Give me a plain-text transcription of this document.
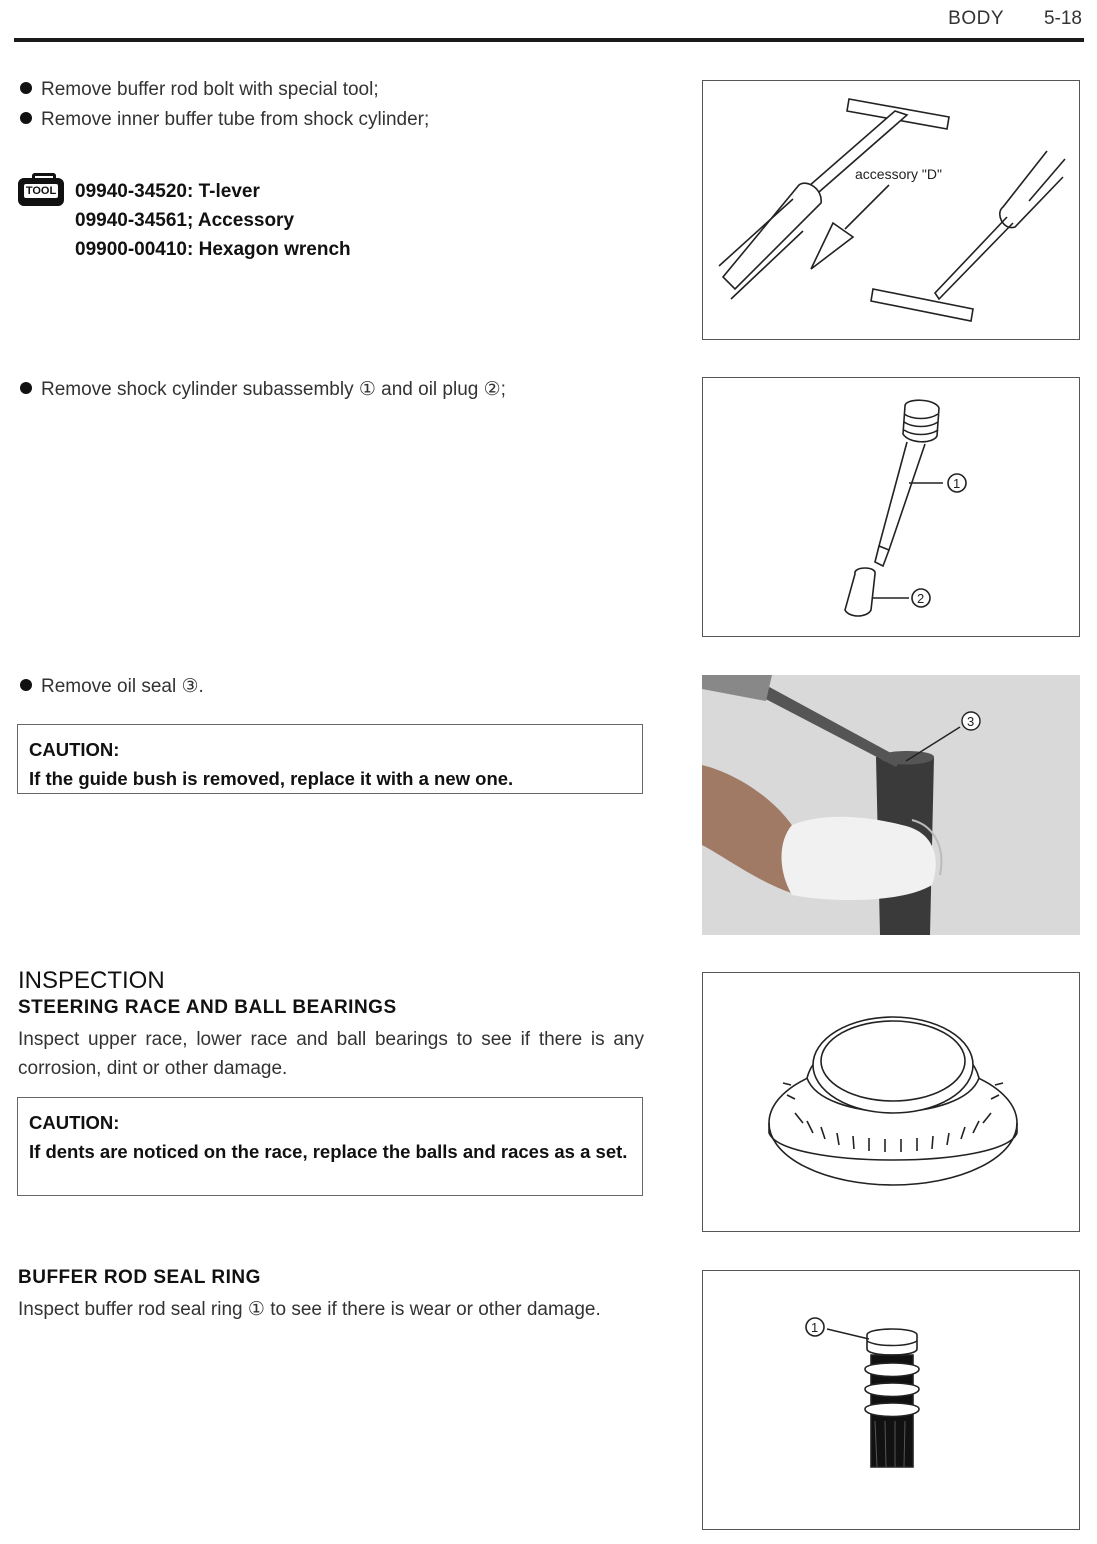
BODY 5-18
Remove buffer rod bolt with special tool;
Remove inner buffer tube from shock cylinder;
TOOL 09940-34520: T-lever
09940-34561; Accessory
09900-00410: Hexagon wrench
Remove shock cylinder subassembly ① and oil plug ②;
Remove oil seal ③.
CAUTION:
If the guide bush is removed, replace it with a new one.
INSPECTION
STEERING RACE AND BALL BEARINGS
Inspect upper race, lower race and ball bearings to see if there is any corrosion, dint or other damage.
CAUTION:
If dents are noticed on the race, replace the balls and races as a set.
BUFFER ROD SEAL RING
Inspect buffer rod seal ring ① to see if there is wear or other damage.
accessory "D"
1
2
3
1
